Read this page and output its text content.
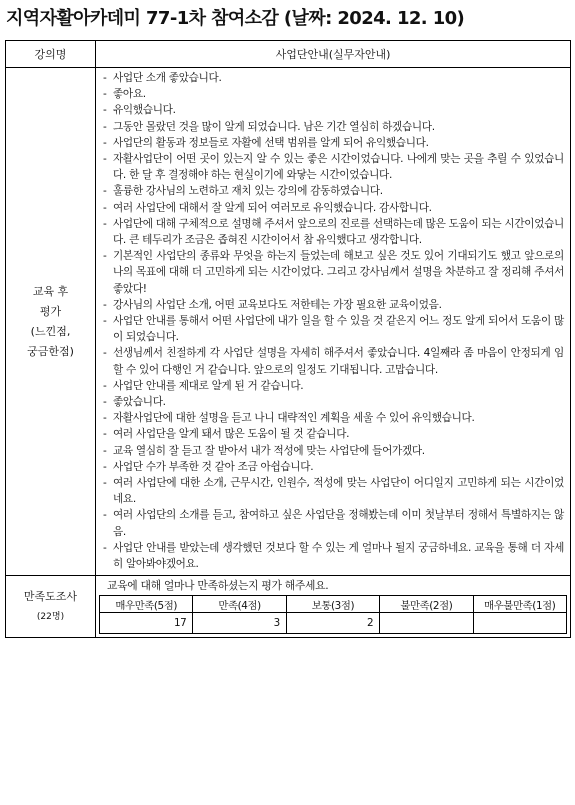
지역자활아카데미 77-1차 참여소감 (날짜: 2024. 12. 10)
강의명	사업단안내(실무자안내)

교육 후
평가
(느낀점,
궁금한점)

- 사업단 소개 좋았습니다.
- 좋아요.
- 유익했습니다.
- 그동안 몰랐던 것을 많이 알게 되었습니다. 남은 기간 열심히 하겠습니다.
- 사업단의 활동과 정보들로 자활에 선택 범위를 알게 되어 유익했습니다.
- 자활사업단이 어떤 곳이 있는지 알 수 있는 좋은 시간이었습니다. 나에게 맞는 곳을 추릴 수 있었습니다. 한 달 후 결정해야 하는 현실이기에 와닿는 시간이었습니다.
- 훌륭한 강사님의 노련하고 재치 있는 강의에 감동하였습니다.
- 여러 사업단에 대해서 잘 알게 되어 여러모로 유익했습니다. 감사합니다.
- 사업단에 대해 구체적으로 설명해 주셔서 앞으로의 진로를 선택하는데 많은 도움이 되는 시간이었습니다. 큰 테두리가 조금은 좁혀진 시간이어서 참 유익했다고 생각합니다.
- 기본적인 사업단의 종류와 무엇을 하는지 들었는데 해보고 싶은 것도 있어 기대되기도 했고 앞으로의 나의 목표에 대해 더 고민하게 되는 시간이었다. 그리고 강사님께서 설명을 차분하고 잘 정리해 주셔서 좋았다!
- 강사님의 사업단 소개, 어떤 교육보다도 저한테는 가장 필요한 교육이었음.
- 사업단 안내를 통해서 어떤 사업단에 내가 일을 할 수 있을 것 같은지 어느 정도 알게 되어서 도움이 많이 되었습니다.
- 선생님께서 친절하게 각 사업단 설명을 자세히 해주셔서 좋았습니다. 4일째라 좀 마음이 안정되게 임할 수 있어 다행인 거 같습니다. 앞으로의 일정도 기대됩니다. 고맙습니다.
- 사업단 안내를 제대로 알게 된 거 같습니다.
- 좋았습니다.
- 자활사업단에 대한 설명을 듣고 나니 대략적인 계획을 세울 수 있어 유익했습니다.
- 여러 사업단을 알게 돼서 많은 도움이 될 것 같습니다.
- 교육 열심히 잘 듣고 잘 받아서 내가 적성에 맞는 사업단에 들어가겠다.
- 사업단 수가 부족한 것 같아 조금 아쉽습니다.
- 여러 사업단에 대한 소개, 근무시간, 인원수, 적성에 맞는 사업단이 어디일지 고민하게 되는 시간이었네요.
- 여러 사업단의 소개를 듣고, 참여하고 싶은 사업단을 정해봤는데 이미 첫날부터 정해서 특별하지는 않음.
- 사업단 안내를 받았는데 생각했던 것보다 할 수 있는 게 얼마나 될지 궁금하네요. 교육을 통해 더 자세히 알아봐야겠어요.

만족도조사
(22명)

교육에 대해 얼마나 만족하셨는지 평가 해주세요.
매우만족(5점)	만족(4점)	보통(3점)	불만족(2점)	매우불만족(1점)
17	3	2		
